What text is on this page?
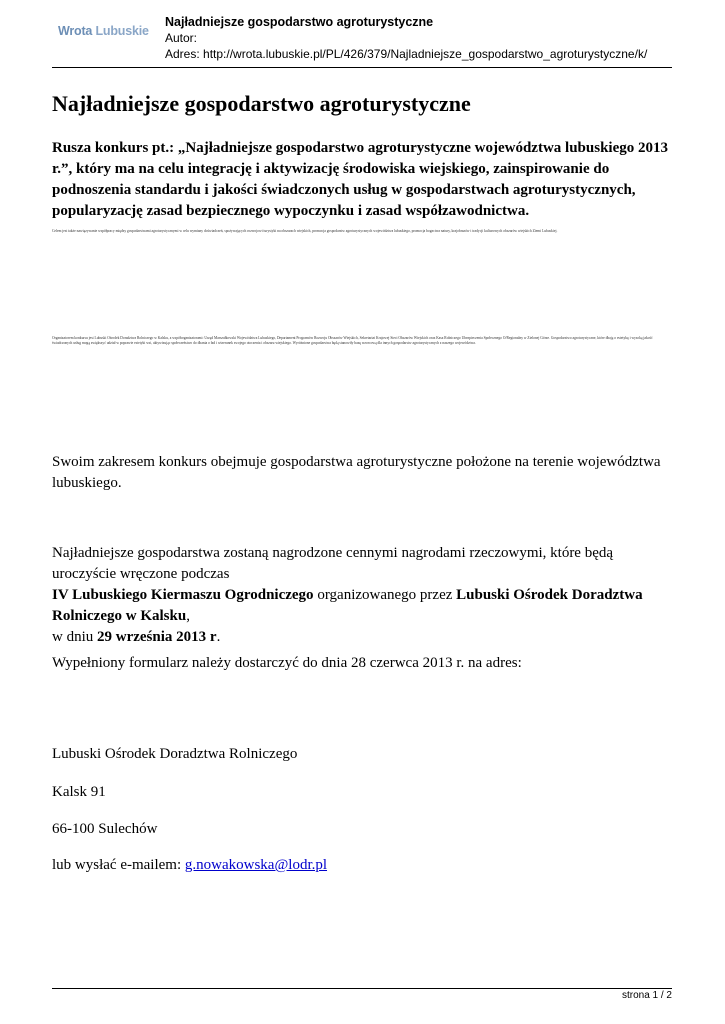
Wrota Lubuskie
Najładniejsze gospodarstwo agroturystyczne
Autor:
Adres: http://wrota.lubuskie.pl/PL/426/379/Najladniejsze_gospodarstwo_agroturystyczne/k/
Najładniejsze gospodarstwo agroturystyczne

Rusza konkurs pt.: „Najładniejsze gospodarstwo agroturystyczne województwa lubuskiego 2013 r.”, który ma na celu integrację i aktywizację środowiska wiejskiego, zainspirowanie do podnoszenia standardu i jakości świadczonych usług w gospodarstwach agroturystycznych, popularyzację zasad bezpiecznego wypoczynku i zasad współzawodnictwa.

Celem jest także nawiązywanie współpracy między gospodarstwami agroturystycznymi w celu wymiany doświadczeń, spożywających rozwojowi turystyki na obszarach wiejskich, promocja gospodarstw agroturystycznych województwa lubuskiego, promocja bogactwa natury, krajobrazów i tradycji kulturowych obszarów wiejskich Ziemi Lubuskiej.

Organizatorem konkursu jest Lubuski Ośrodek Doradztwa Rolniczego w Kalsku, a współorganizatorami: Urząd Marszałkowski Województwa Lubuskiego, Departament Programów Rozwoju Obszarów Wiejskich, Sekretariat Krajowej Sieci Obszarów Wiejskich oraz Kasa Rolniczego Ubezpieczenia Społecznego O/Regionalny w Zielonej Górze. Gospodarstwo agroturystyczne, które dbają o estetykę i wysoką jakość świadczonych usług mogą zwiększyć udział w poprawie estetyki wsi, aktywizując społeczeństwo do dbania o ład i wizerunek swojego otoczenia i obszaru wiejskiego. Wyróżnione gospodarstwa będą stanowiły bazę wzorcową dla innych gospodarstw agroturystycznych z naszego województwa.

Swoim zakresem konkurs obejmuje gospodarstwa agroturystyczne położone na terenie województwa lubuskiego.

Najładniejsze gospodarstwa zostaną nagrodzone cennymi nagrodami rzeczowymi, które będą uroczyście wręczone podczas
IV Lubuskiego Kiermaszu Ogrodniczego organizowanego przez Lubuski Ośrodek Doradztwa Rolniczego w Kalsku,
w dniu 29 września 2013 r.

Wypełniony formularz należy dostarczyć do dnia 28 czerwca 2013 r. na adres:

Lubuski Ośrodek Doradztwa Rolniczego

Kalsk 91

66-100 Sulechów

lub wysłać e-mailem: g.nowakowska@lodr.pl

strona 1 / 2
